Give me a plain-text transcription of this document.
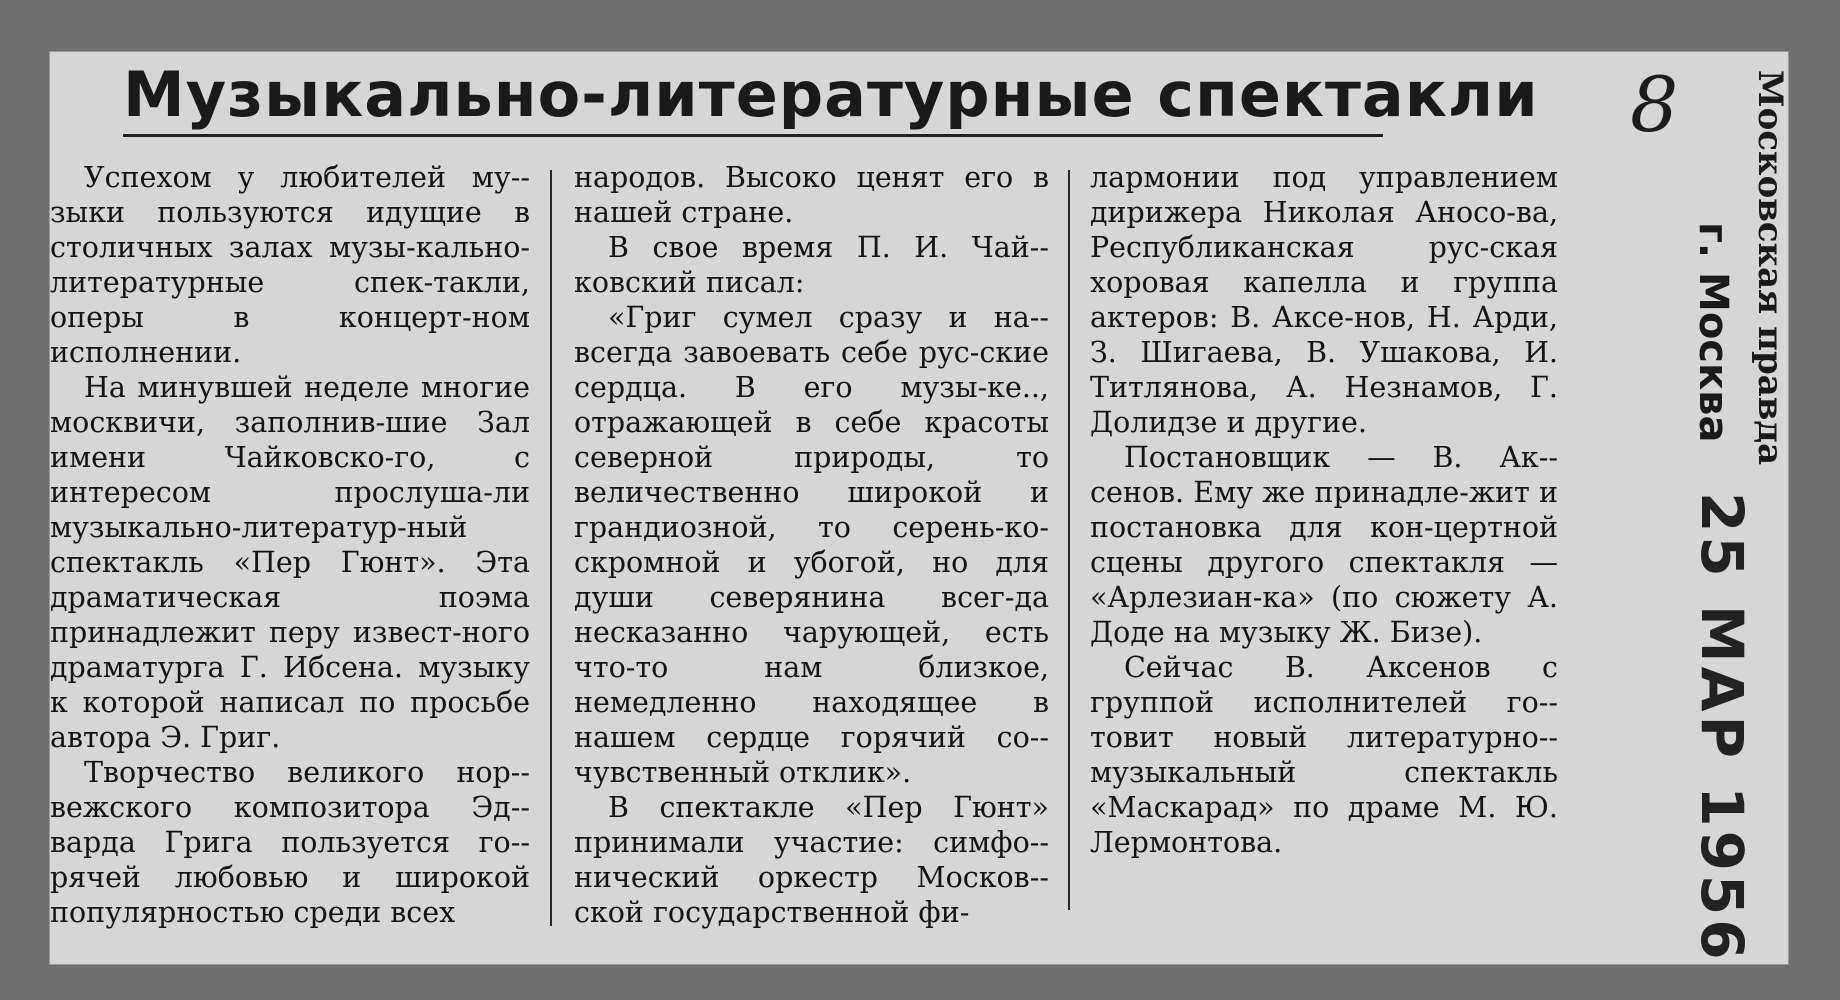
Музыкально-литературные спектакли

Успехом у любителей му-зыки пользуются идущие в столичных залах музы-кально-литературные спек-такли, оперы в концерт-ном исполнении.

На минувшей неделе многие москвичи, заполнив-шие Зал имени Чайковско-го, с интересом прослуша-ли музыкально-литератур-ный спектакль «Пер Гюнт». Эта драматическая поэма принадлежит перу извест-ного драматурга Г. Ибсена. музыку к которой написал по просьбе автора Э. Григ.

Творчество великого нор-вежского композитора Эд-варда Грига пользуется го-рячей любовью и широкой популярностью среди всех

народов. Высоко ценят его в нашей стране.

В свое время П. И. Чай-ковский писал:

«Григ сумел сразу и на-всегда завоевать себе рус-ские сердца. В его музы-ке.., отражающей в себе красоты северной природы, то величественно широкой и грандиозной, то серень-ко-скромной и убогой, но для души северянина всег-да несказанно чарующей, есть что-то нам близкое, немедленно находящее в нашем сердце горячий со-чувственный отклик».

В спектакле «Пер Гюнт» принимали участие: симфо-нический оркестр Москов-ской государственной фи-

лармонии под управлением дирижера Николая Аносо-ва, Республиканская рус-ская хоровая капелла и группа актеров: В. Аксе-нов, Н. Арди, З. Шигаева, В. Ушакова, И. Титлянова, А. Незнамов, Г. Долидзе и другие.

Постановщик — В. Ак-сенов. Ему же принадле-жит и постановка для кон-цертной сцены другого спектакля — «Арлезиан-ка» (по сюжету А. Доде на музыку Ж. Бизе).

Сейчас В. Аксенов с группой исполнителей го-товит новый литературно-музыкальный спектакль «Маскарад» по драме М. Ю. Лермонтова.

8 Московская правда
г. Москва
25 МАР 1956
